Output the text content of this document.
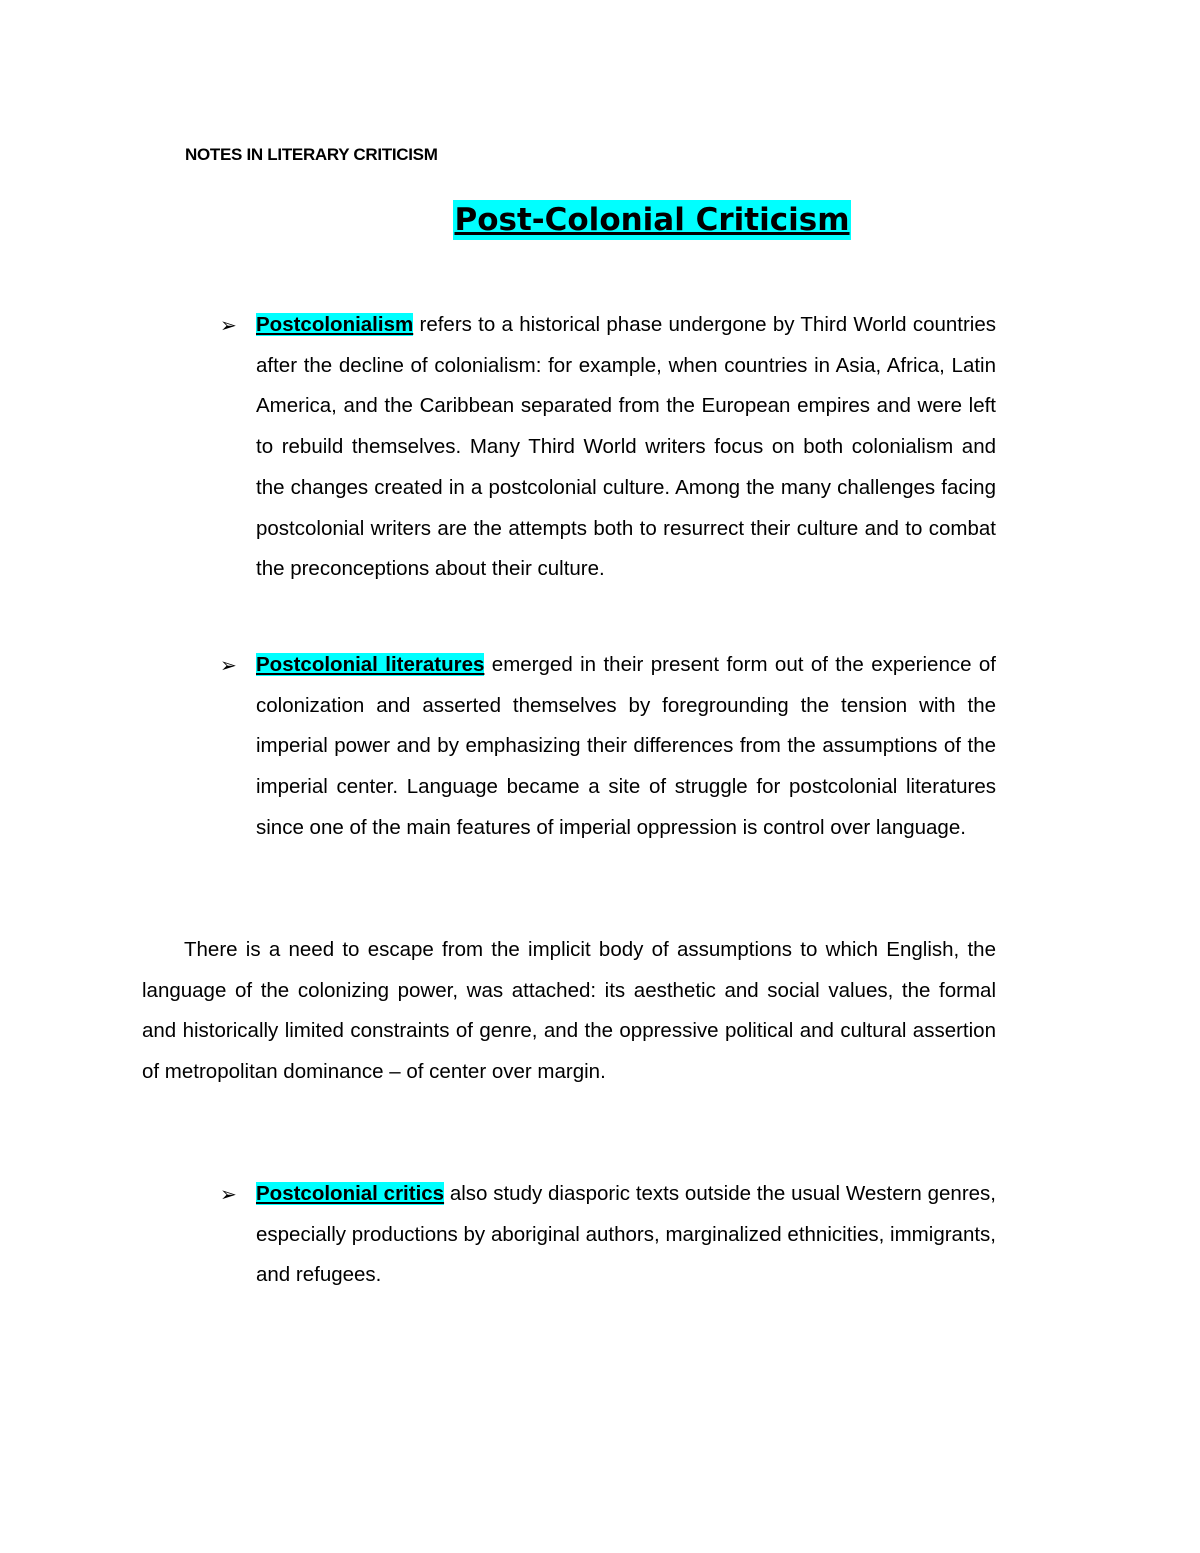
NOTES IN LITERARY CRITICISM
Post-Colonial Criticism
➢ Postcolonialism refers to a historical phase undergone by Third World countries after the decline of colonialism: for example, when countries in Asia, Africa, Latin America, and the Caribbean separated from the European empires and were left to rebuild themselves. Many Third World writers focus on both colonialism and the changes created in a postcolonial culture. Among the many challenges facing postcolonial writers are the attempts both to resurrect their culture and to combat the preconceptions about their culture.
➢ Postcolonial literatures emerged in their present form out of the experience of colonization and asserted themselves by foregrounding the tension with the imperial power and by emphasizing their differences from the assumptions of the imperial center. Language became a site of struggle for postcolonial literatures since one of the main features of imperial oppression is control over language.
There is a need to escape from the implicit body of assumptions to which English, the language of the colonizing power, was attached: its aesthetic and social values, the formal and historically limited constraints of genre, and the oppressive political and cultural assertion of metropolitan dominance – of center over margin.
➢ Postcolonial critics also study diasporic texts outside the usual Western genres, especially productions by aboriginal authors, marginalized ethnicities, immigrants, and refugees.
